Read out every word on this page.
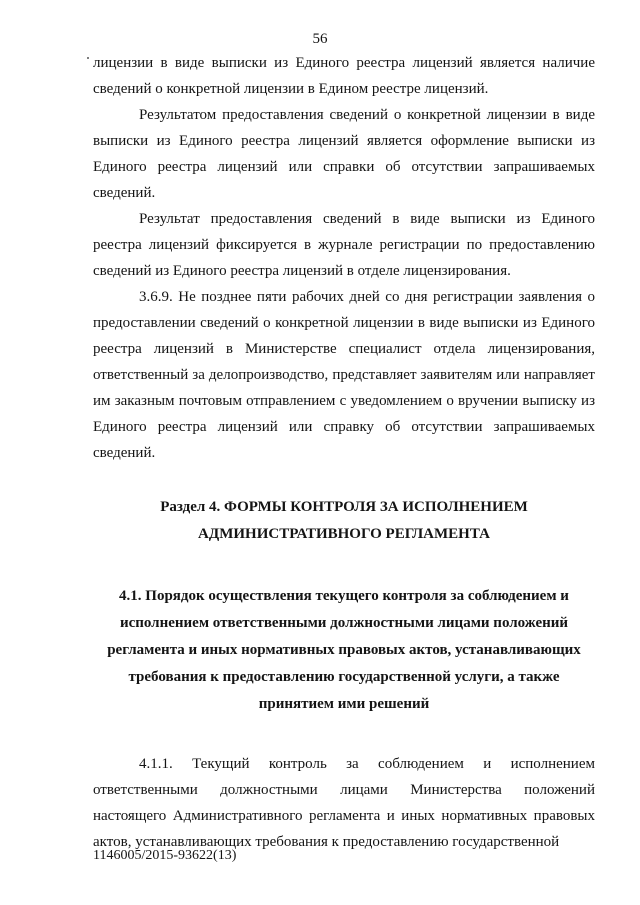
56

лицензии в виде выписки из Единого реестра лицензий является наличие сведений о конкретной лицензии в Едином реестре лицензий.

Результатом предоставления сведений о конкретной лицензии в виде выписки из Единого реестра лицензий является оформление выписки из Единого реестра лицензий или справки об отсутствии запрашиваемых сведений.

Результат предоставления сведений в виде выписки из Единого реестра лицензий фиксируется в журнале регистрации по предоставлению сведений из Единого реестра лицензий в отделе лицензирования.

3.6.9. Не позднее пяти рабочих дней со дня регистрации заявления о предоставлении сведений о конкретной лицензии в виде выписки из Единого реестра лицензий в Министерстве специалист отдела лицензирования, ответственный за делопроизводство, представляет заявителям или направляет им заказным почтовым отправлением с уведомлением о вручении выписку из Единого реестра лицензий или справку об отсутствии запрашиваемых сведений.

Раздел 4. ФОРМЫ КОНТРОЛЯ ЗА ИСПОЛНЕНИЕМ
АДМИНИСТРАТИВНОГО РЕГЛАМЕНТА
4.1. Порядок осуществления текущего контроля за соблюдением и
исполнением ответственными должностными лицами положений
регламента и иных нормативных правовых актов, устанавливающих
требования к предоставлению государственной услуги, а также
принятием ими решений

4.1.1. Текущий контроль за соблюдением и исполнением ответственными должностными лицами Министерства положений настоящего Административного регламента и иных нормативных правовых актов, устанавливающих требования к предоставлению государственной

1146005/2015-93622(13)
